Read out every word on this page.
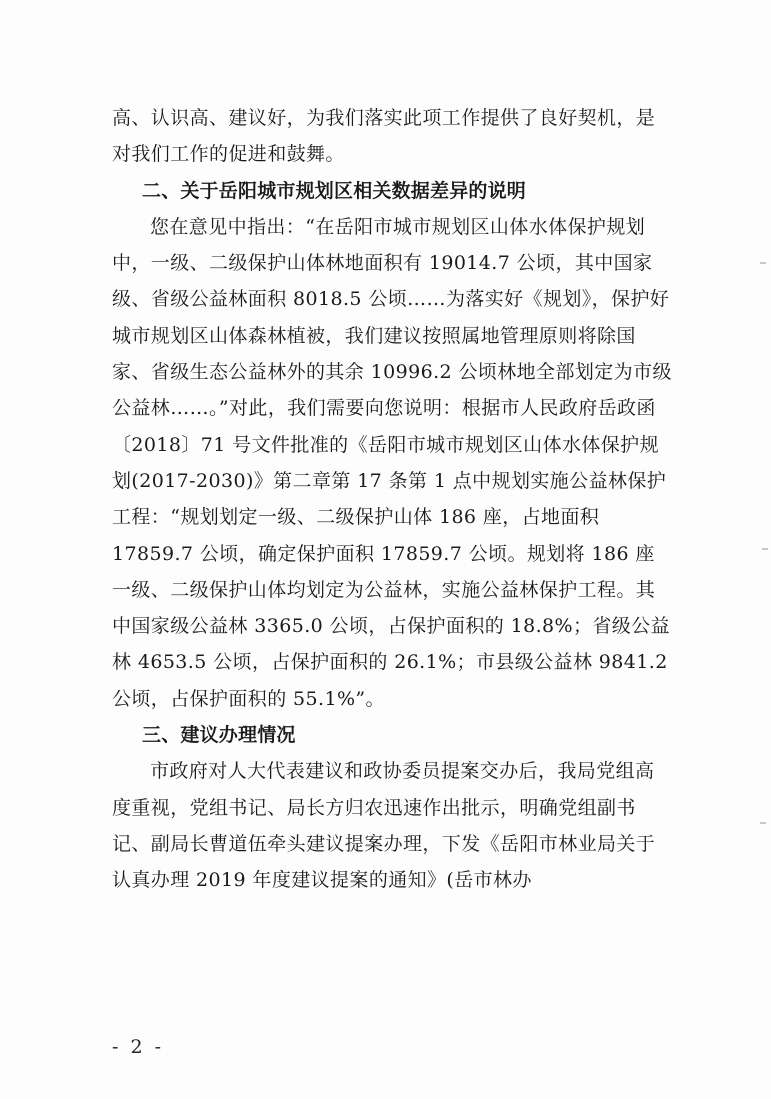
高、认识高、建议好，为我们落实此项工作提供了良好契机，是对我们工作的促进和鼓舞。

二、关于岳阳城市规划区相关数据差异的说明

您在意见中指出：“在岳阳市城市规划区山体水体保护规划中，一级、二级保护山体林地面积有 19014.7 公顷，其中国家级、省级公益林面积 8018.5 公顷……为落实好《规划》，保护好城市规划区山体森林植被，我们建议按照属地管理原则将除国家、省级生态公益林外的其余 10996.2 公顷林地全部划定为市级公益林……。”对此，我们需要向您说明：根据市人民政府岳政函〔2018〕71 号文件批准的《岳阳市城市规划区山体水体保护规划(2017-2030)》第二章第 17 条第 1 点中规划实施公益林保护工程：“规划划定一级、二级保护山体 186 座，占地面积 17859.7 公顷，确定保护面积 17859.7 公顷。规划将 186 座一级、二级保护山体均划定为公益林，实施公益林保护工程。其中国家级公益林 3365.0 公顷，占保护面积的 18.8%；省级公益林 4653.5 公顷，占保护面积的 26.1%；市县级公益林 9841.2 公顷，占保护面积的 55.1%”。

三、建议办理情况

市政府对人大代表建议和政协委员提案交办后，我局党组高度重视，党组书记、局长方归农迅速作出批示，明确党组副书记、副局长曹道伍牵头建议提案办理，下发《岳阳市林业局关于认真办理 2019 年度建议提案的通知》(岳市林办

- 2 -
